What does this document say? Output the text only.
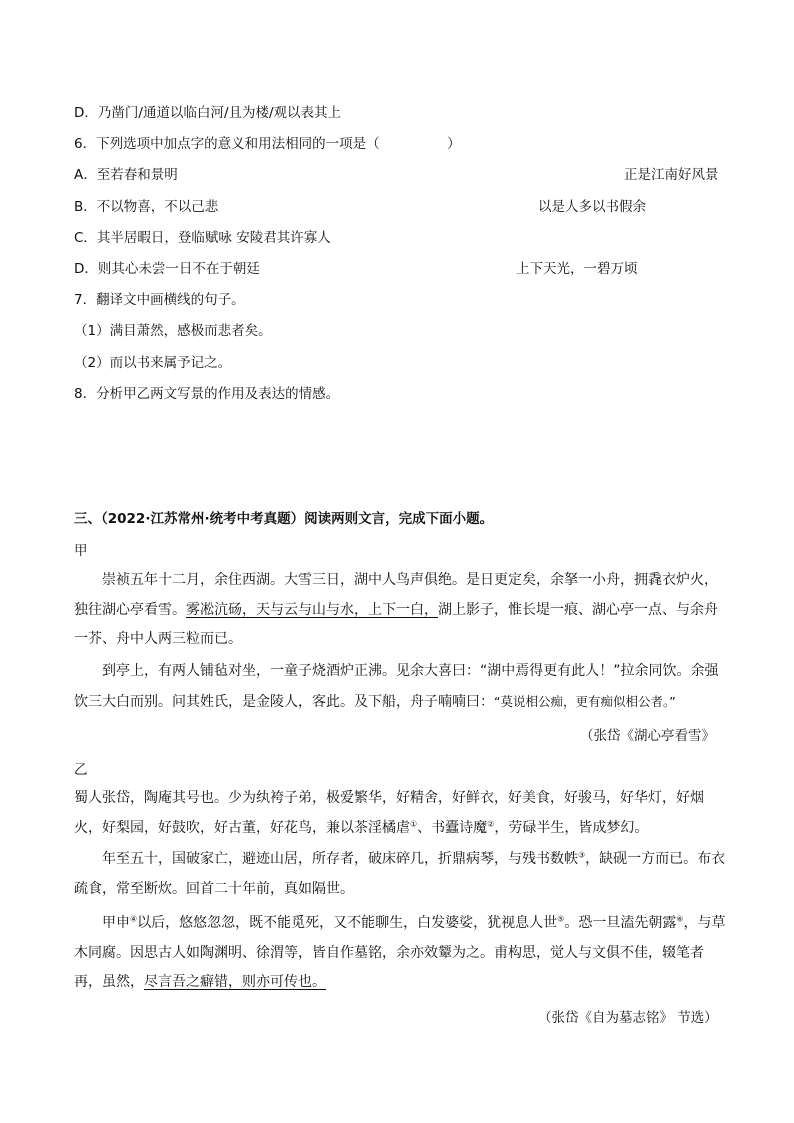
D．乃凿门/通道以临白河/且为楼/观以表其上
6．下列选项中加点字的意义和用法相同的一项是（　　　　　）
A．至若春和景明	正是江南好风景
B．不以物喜，不以己悲	以是人多以书假余
C．其半居暇日，登临赋咏 安陵君其许寡人
D．则其心未尝一日不在于朝廷	上下天光，一碧万顷
7．翻译文中画横线的句子。
（1）满目萧然，感极而悲者矣。
（2）而以书来属予记之。
8．分析甲乙两文写景的作用及表达的情感。
三、（2022·江苏常州·统考中考真题）阅读两则文言，完成下面小题。
甲
崇祯五年十二月，余住西湖。大雪三日，湖中人鸟声俱绝。是日更定矣，余拏一小舟，拥毳衣炉火，独往湖心亭看雪。雾凇沆砀，天与云与山与水，上下一白，湖上影子，惟长堤一痕、湖心亭一点、与余舟一芥、舟中人两三粒而已。
到亭上，有两人铺毡对坐，一童子烧酒炉正沸。见余大喜曰：“湖中焉得更有此人！”拉余同饮。余强饮三大白而别。问其姓氏，是金陵人，客此。及下船，舟子喃喃曰：“莫说相公痴，更有痴似相公者。”
（张岱《湖心亭看雪》
乙
蜀人张岱，陶庵其号也。少为纨袴子弟，极爱繁华，好精舍，好鲜衣，好美食，好骏马，好华灯，好烟火，好梨园，好鼓吹，好古董，好花鸟，兼以茶淫橘虐①、书蠹诗魔②，劳碌半生，皆成梦幻。
年至五十，国破家亡，避迹山居，所存者，破床碎几，折鼎病琴，与残书数帙③，缺砚一方而已。布衣疏食，常至断炊。回首二十年前，真如隔世。
甲申④以后，悠悠忽忽，既不能觅死，又不能聊生，白发婆娑，犹视息人世⑤。恐一旦溘先朝露⑥，与草木同腐。因思古人如陶渊明、徐渭等，皆自作墓铭，余亦效颦为之。甫构思，觉人与文俱不佳，辍笔者再，虽然，尽言吾之癖错，则亦可传也。
（张岱《自为墓志铭》 节选）
